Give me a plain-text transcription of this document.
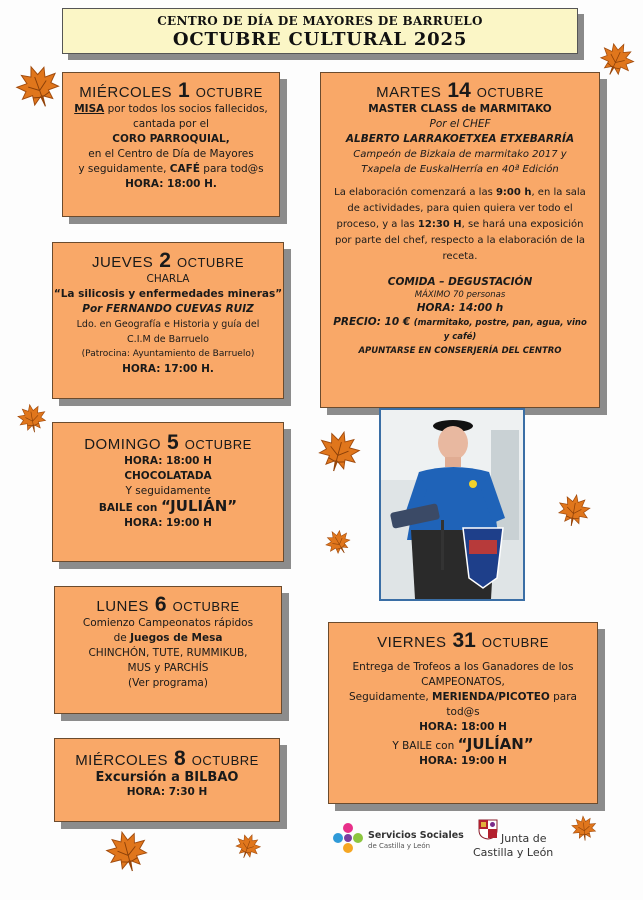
CENTRO DE DÍA DE MAYORES DE BARRUELO
OCTUBRE CULTURAL 2025
MIÉRCOLES 1 OCTUBRE
MISA por todos los socios fallecidos,
cantada por el
CORO PARROQUIAL,
en el Centro de Día de Mayores
y seguidamente, CAFÉ para tod@s
HORA: 18:00 H.
JUEVES 2 OCTUBRE
CHARLA
“La silicosis y enfermedades mineras”
Por FERNANDO CUEVAS RUIZ
Ldo. en Geografía e Historia y guía del
C.I.M de Barruelo
(Patrocina: Ayuntamiento de Barruelo)
HORA: 17:00 H.
DOMINGO 5 OCTUBRE
HORA: 18:00 H
CHOCOLATADA
Y seguidamente
BAILE con “JULIÁN”
HORA: 19:00 H
LUNES 6 OCTUBRE
Comienzo Campeonatos rápidos
de Juegos de Mesa
CHINCHÓN, TUTE, RUMMIKUB,
MUS y PARCHÍS
(Ver programa)
MIÉRCOLES 8 OCTUBRE
Excursión a BILBAO
HORA: 7:30 H
MARTES 14 OCTUBRE
MASTER CLASS de MARMITAKO
Por el CHEF
ALBERTO LARRAKOETXEA ETXEBARRÍA
Campeón de Bizkaia de marmitako 2017 y
Txapela de EuskalHerría en 40ª Edición
La elaboración comenzará a las 9:00 h, en la sala de actividades, para quien quiera ver todo el proceso, y a las 12:30 H, se hará una exposición por parte del chef, respecto a la elaboración de la receta.
COMIDA – DEGUSTACIÓN
MÁXIMO 70 personas
HORA: 14:00 h
PRECIO: 10 € (marmitako, postre, pan, agua, vino y café)
APUNTARSE EN CONSERJERÍA DEL CENTRO
VIERNES 31 OCTUBRE
Entrega de Trofeos a los Ganadores de los
CAMPEONATOS,
Seguidamente, MERIENDA/PICOTEO para
tod@s
HORA: 18:00 H
Y BAILE con “JULÍAN”
HORA: 19:00 H
Servicios Sociales
de Castilla y León
Junta de
Castilla y León
